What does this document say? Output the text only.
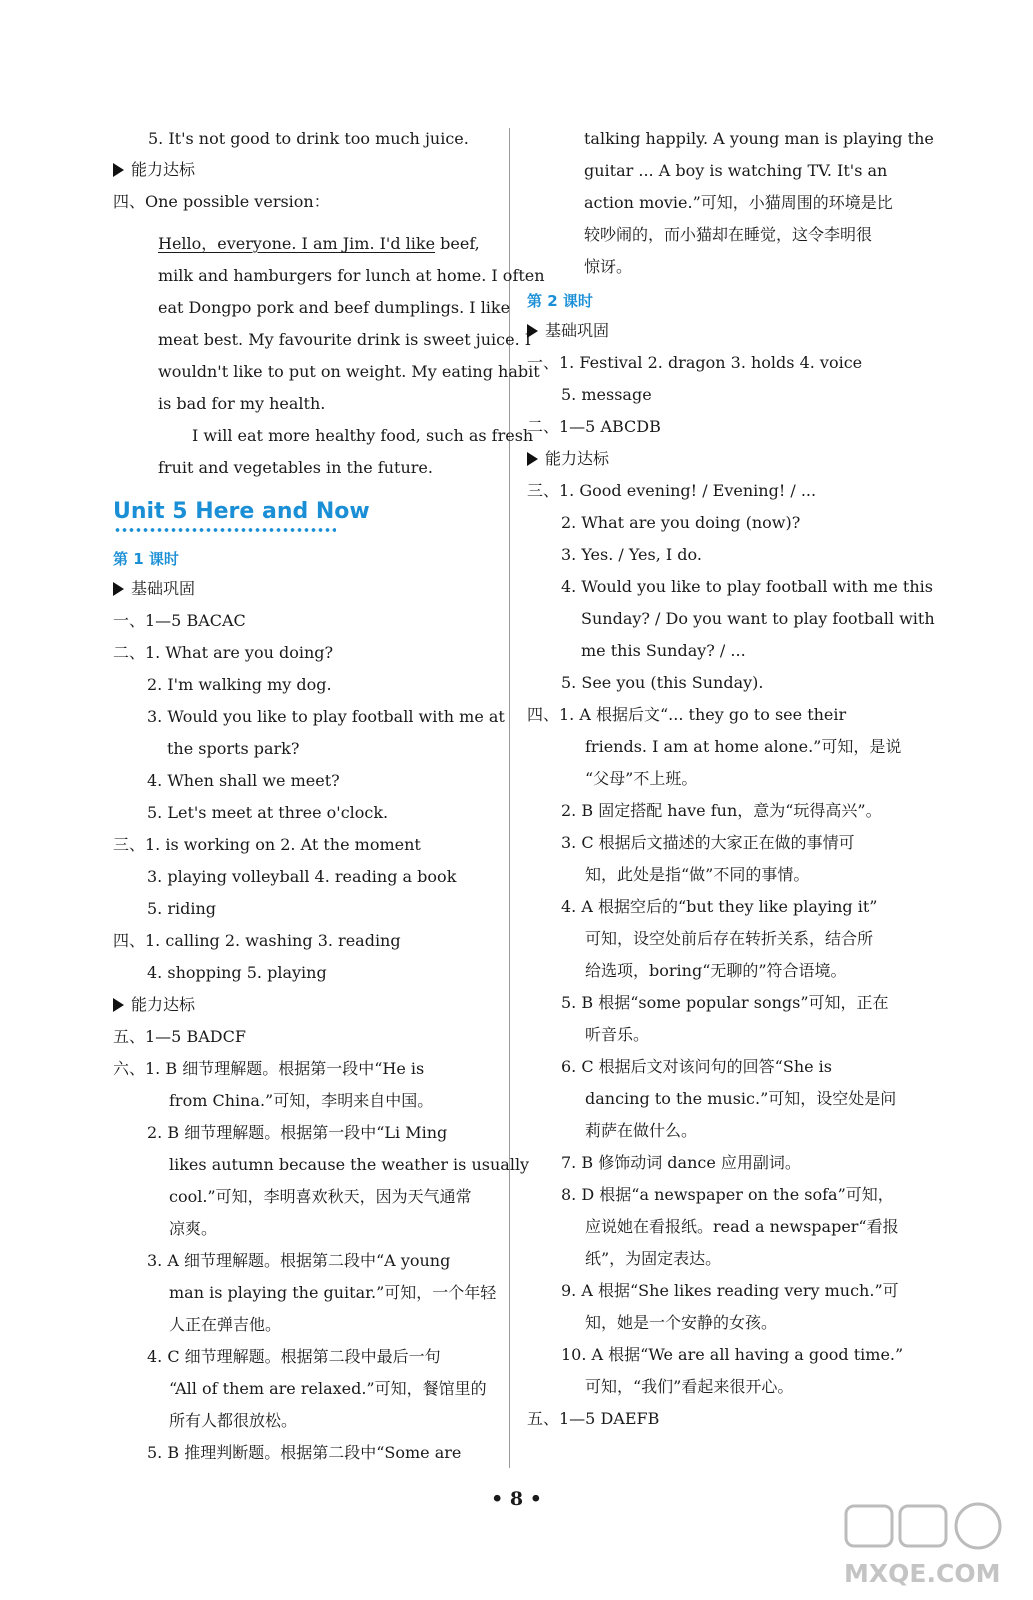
5. It's not good to drink too much juice.
能力达标
四、One possible version：
Hello，everyone. I am Jim. I'd like beef,
milk and hamburgers for lunch at home. I often
eat Dongpo pork and beef dumplings. I like
meat best. My favourite drink is sweet juice. I
wouldn't like to put on weight. My eating habit
is bad for my health.
I will eat more healthy food, such as fresh
fruit and vegetables in the future.
基础巩固
一、1—5 BACAC
二、1. What are you doing?
2. I'm walking my dog.
3. Would you like to play football with me at
the sports park?
4. When shall we meet?
5. Let's meet at three o'clock.
三、1. is working on 2. At the moment
3. playing volleyball 4. reading a book
5. riding
四、1. calling 2. washing 3. reading
4. shopping 5. playing
能力达标
五、1—5 BADCF
六、1. B 细节理解题。根据第一段中“He is
from China.”可知，李明来自中国。
2. B 细节理解题。根据第一段中“Li Ming
likes autumn because the weather is usually
cool.”可知，李明喜欢秋天，因为天气通常
凉爽。
3. A 细节理解题。根据第二段中“A young
man is playing the guitar.”可知，一个年轻
人正在弹吉他。
4. C 细节理解题。根据第二段中最后一句
“All of them are relaxed.”可知，餐馆里的
所有人都很放松。
5. B 推理判断题。根据第二段中“Some are
talking happily. A young man is playing the
guitar ... A boy is watching TV. It's an
action movie.”可知，小猫周围的环境是比
较吵闹的，而小猫却在睡觉，这令李明很
惊讶。
基础巩固
一、1. Festival 2. dragon 3. holds 4. voice
5. message
二、1—5 ABCDB
能力达标
三、1. Good evening! / Evening! / ...
2. What are you doing (now)?
3. Yes. / Yes, I do.
4. Would you like to play football with me this
Sunday? / Do you want to play football with
me this Sunday? / ...
5. See you (this Sunday).
四、1. A 根据后文“... they go to see their
friends. I am at home alone.”可知，是说
“父母”不上班。
2. B 固定搭配 have fun，意为“玩得高兴”。
3. C 根据后文描述的大家正在做的事情可
知，此处是指“做”不同的事情。
4. A 根据空后的“but they like playing it”
可知，设空处前后存在转折关系，结合所
给选项，boring“无聊的”符合语境。
5. B 根据“some popular songs”可知，正在
听音乐。
6. C 根据后文对该问句的回答“She is
dancing to the music.”可知，设空处是问
莉萨在做什么。
7. B 修饰动词 dance 应用副词。
8. D 根据“a newspaper on the sofa”可知，
应说她在看报纸。read a newspaper“看报
纸”，为固定表达。
9. A 根据“She likes reading very much.”可
知，她是一个安静的女孩。
10. A 根据“We are all having a good time.”
可知，“我们”看起来很开心。
五、1—5 DAEFB
Unit 5 Here and Now
第 1 课时
第 2 课时
• 8 •
MXQE.COM
